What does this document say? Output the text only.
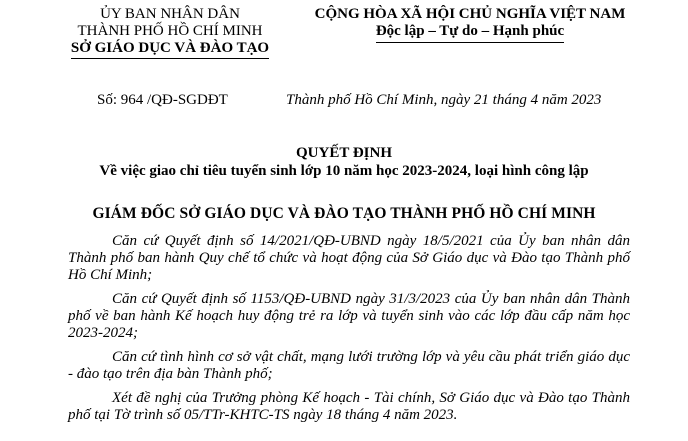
ỦY BAN NHÂN DÂN
THÀNH PHỐ HỒ CHÍ MINH
SỞ GIÁO DỤC VÀ ĐÀO TẠO
CỘNG HÒA XÃ HỘI CHỦ NGHĨA VIỆT NAM
Độc lập – Tự do – Hạnh phúc
Số: 964 /QĐ-SGDĐT	Thành phố Hồ Chí Minh, ngày 21 tháng 4 năm 2023
QUYẾT ĐỊNH
Về việc giao chỉ tiêu tuyển sinh lớp 10 năm học 2023-2024, loại hình công lập
GIÁM ĐỐC SỞ GIÁO DỤC VÀ ĐÀO TẠO THÀNH PHỐ HỒ CHÍ MINH
Căn cứ Quyết định số 14/2021/QĐ-UBND ngày 18/5/2021 của Ủy ban nhân dân Thành phố ban hành Quy chế tổ chức và hoạt động của Sở Giáo dục và Đào tạo Thành phố Hồ Chí Minh;
Căn cứ Quyết định số 1153/QĐ-UBND ngày 31/3/2023 của Ủy ban nhân dân Thành phố về ban hành Kế hoạch huy động trẻ ra lớp và tuyển sinh vào các lớp đầu cấp năm học 2023-2024;
Căn cứ tình hình cơ sở vật chất, mạng lưới trường lớp và yêu cầu phát triển giáo dục - đào tạo trên địa bàn Thành phố;
Xét đề nghị của Trưởng phòng Kế hoạch - Tài chính, Sở Giáo dục và Đào tạo Thành phố tại Tờ trình số 05/TTr-KHTC-TS ngày 18 tháng 4 năm 2023.
